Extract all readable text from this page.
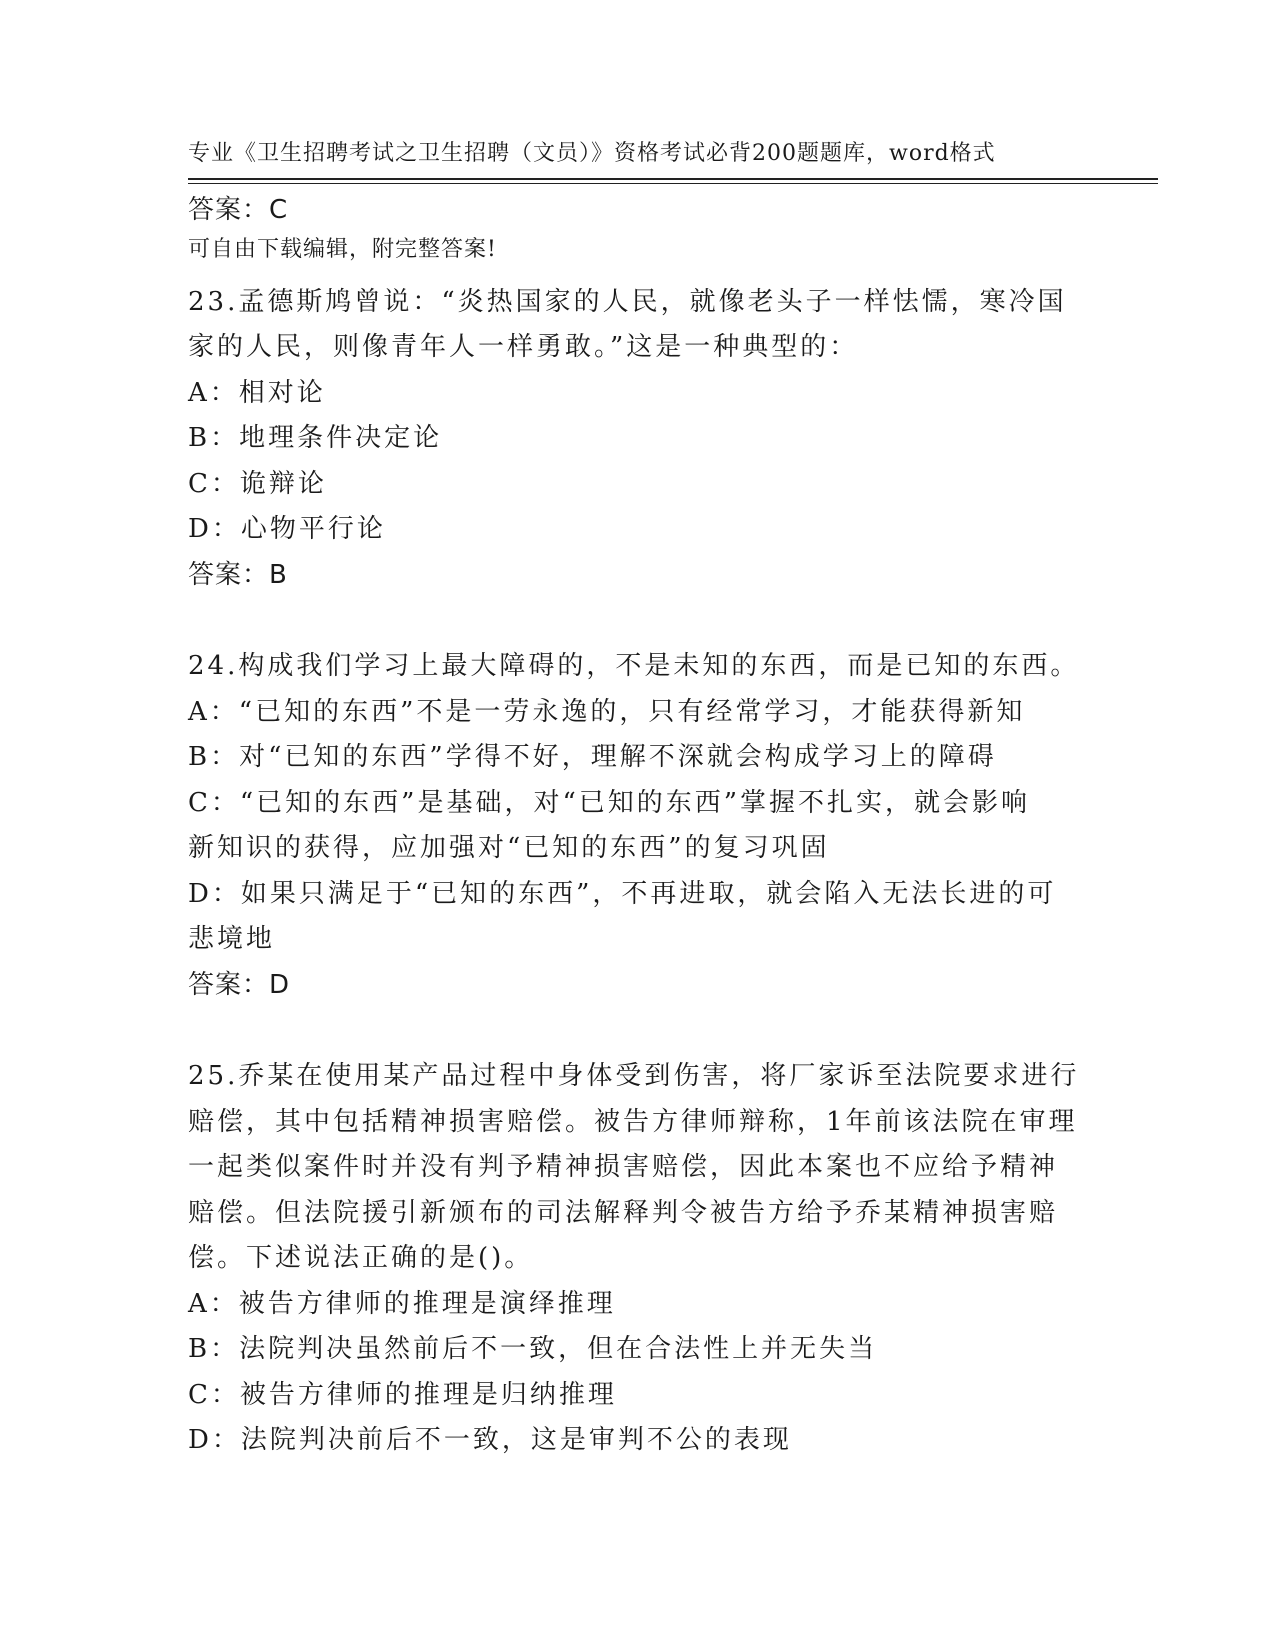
专业《卫生招聘考试之卫生招聘（文员）》资格考试必背200题题库，word格式

可自由下载编辑，附完整答案!

答案：C
23.孟德斯鸠曾说：“炎热国家的人民，就像老头子一样怯懦，寒冷国
家的人民，则像青年人一样勇敢。”这是一种典型的：
A：相对论
B：地理条件决定论
C：诡辩论
D：心物平行论
答案：B
24.构成我们学习上最大障碍的，不是未知的东西，而是已知的东西。
A：“已知的东西”不是一劳永逸的，只有经常学习，才能获得新知
B：对“已知的东西”学得不好，理解不深就会构成学习上的障碍
C：“已知的东西”是基础，对“已知的东西”掌握不扎实，就会影响
新知识的获得，应加强对“已知的东西”的复习巩固
D：如果只满足于“已知的东西”，不再进取，就会陷入无法长进的可
悲境地
答案：D
25.乔某在使用某产品过程中身体受到伤害，将厂家诉至法院要求进行
赔偿，其中包括精神损害赔偿。被告方律师辩称，1年前该法院在审理
一起类似案件时并没有判予精神损害赔偿，因此本案也不应给予精神
赔偿。但法院援引新颁布的司法解释判令被告方给予乔某精神损害赔
偿。下述说法正确的是()。
A：被告方律师的推理是演绎推理
B：法院判决虽然前后不一致，但在合法性上并无失当
C：被告方律师的推理是归纳推理
D：法院判决前后不一致，这是审判不公的表现
